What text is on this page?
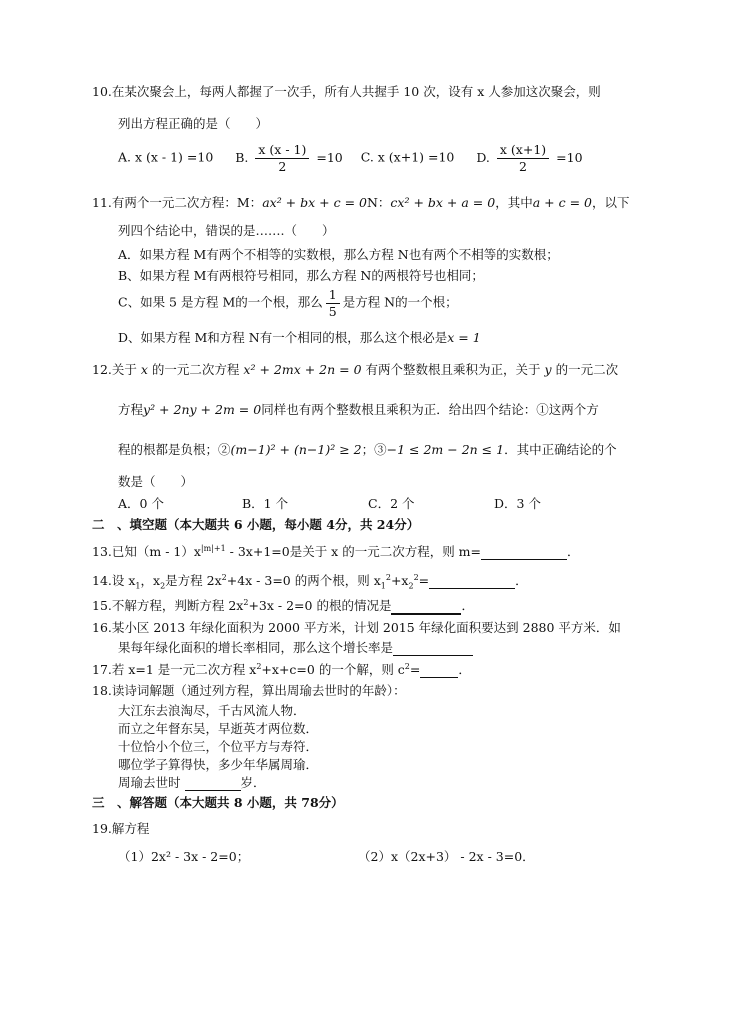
10.在某次聚会上，每两人都握了一次手，所有人共握手 10 次，设有 x 人参加这次聚会，则
列出方程正确的是（　　）
A. x (x - 1) =10 B. $\frac{x (x - 1)}{2} =10$ C. x (x+1) =10 D. $\frac{x (x+1)}{2} =10$
11.有两个一元二次方程：M：ax² + bx + c = 0N：cx² + bx + a = 0，其中a + c = 0，以下
列四个结论中，错误的是…….（　　）
A．如果方程 M有两个不相等的实数根，那么方程 N也有两个不相等的实数根；
B、如果方程 M有两根符号相同，那么方程 N的两根符号也相同；
C、如果 5 是方程 M的一个根，那么 $\frac{1}{5}$ 是方程 N的一个根；
D、如果方程 M和方程 N有一个相同的根，那么这个根必是x = 1
12.关于 x 的一元二次方程 x² + 2mx + 2n = 0 有两个整数根且乘积为正，关于 y 的一元二次
方程y² + 2ny + 2m = 0同样也有两个整数根且乘积为正．给出四个结论：①这两个方
程的根都是负根；②(m−1)² + (n−1)² ≥ 2；③−1 ≤ 2m − 2n ≤ 1．其中正确结论的个
数是（　　）
A．0 个	B．1 个	C．2 个	D．3 个
二　、填空题（本大题共 6 小题，每小题 4分，共 24分）
13.已知$(m - 1)x^{|m|+1} - 3x+1=0$是关于 x 的一元二次方程，则 m=	．
14.设 $x_1$，$x_2$是方程 $2x^2+4x - 3=0$ 的两个根，则 $x_1^2+x_2^2=$	．
15.不解方程，判断方程 $2x^2+3x - 2=0$ 的根的情况是	．
16.某小区 2013 年绿化面积为 2000 平方米，计划 2015 年绿化面积要达到 2880 平方米．如
果每年绿化面积的增长率相同，那么这个增长率是
17.若 x=1 是一元二次方程 $x^2+x+c=0$ 的一个解，则 $c^2=$	．
18.读诗词解题（通过列方程，算出周瑜去世时的年龄）：
大江东去浪淘尽，千古风流人物．
而立之年督东吴，早逝英才两位数．
十位恰小个位三，个位平方与寿符．
哪位学子算得快，多少年华属周瑜．
周瑜去世时	岁．
三　、解答题（本大题共 8 小题，共 78分）
19.解方程
（1）2x² - 3x - 2=0；	（2）x（2x+3） - 2x - 3=0．
